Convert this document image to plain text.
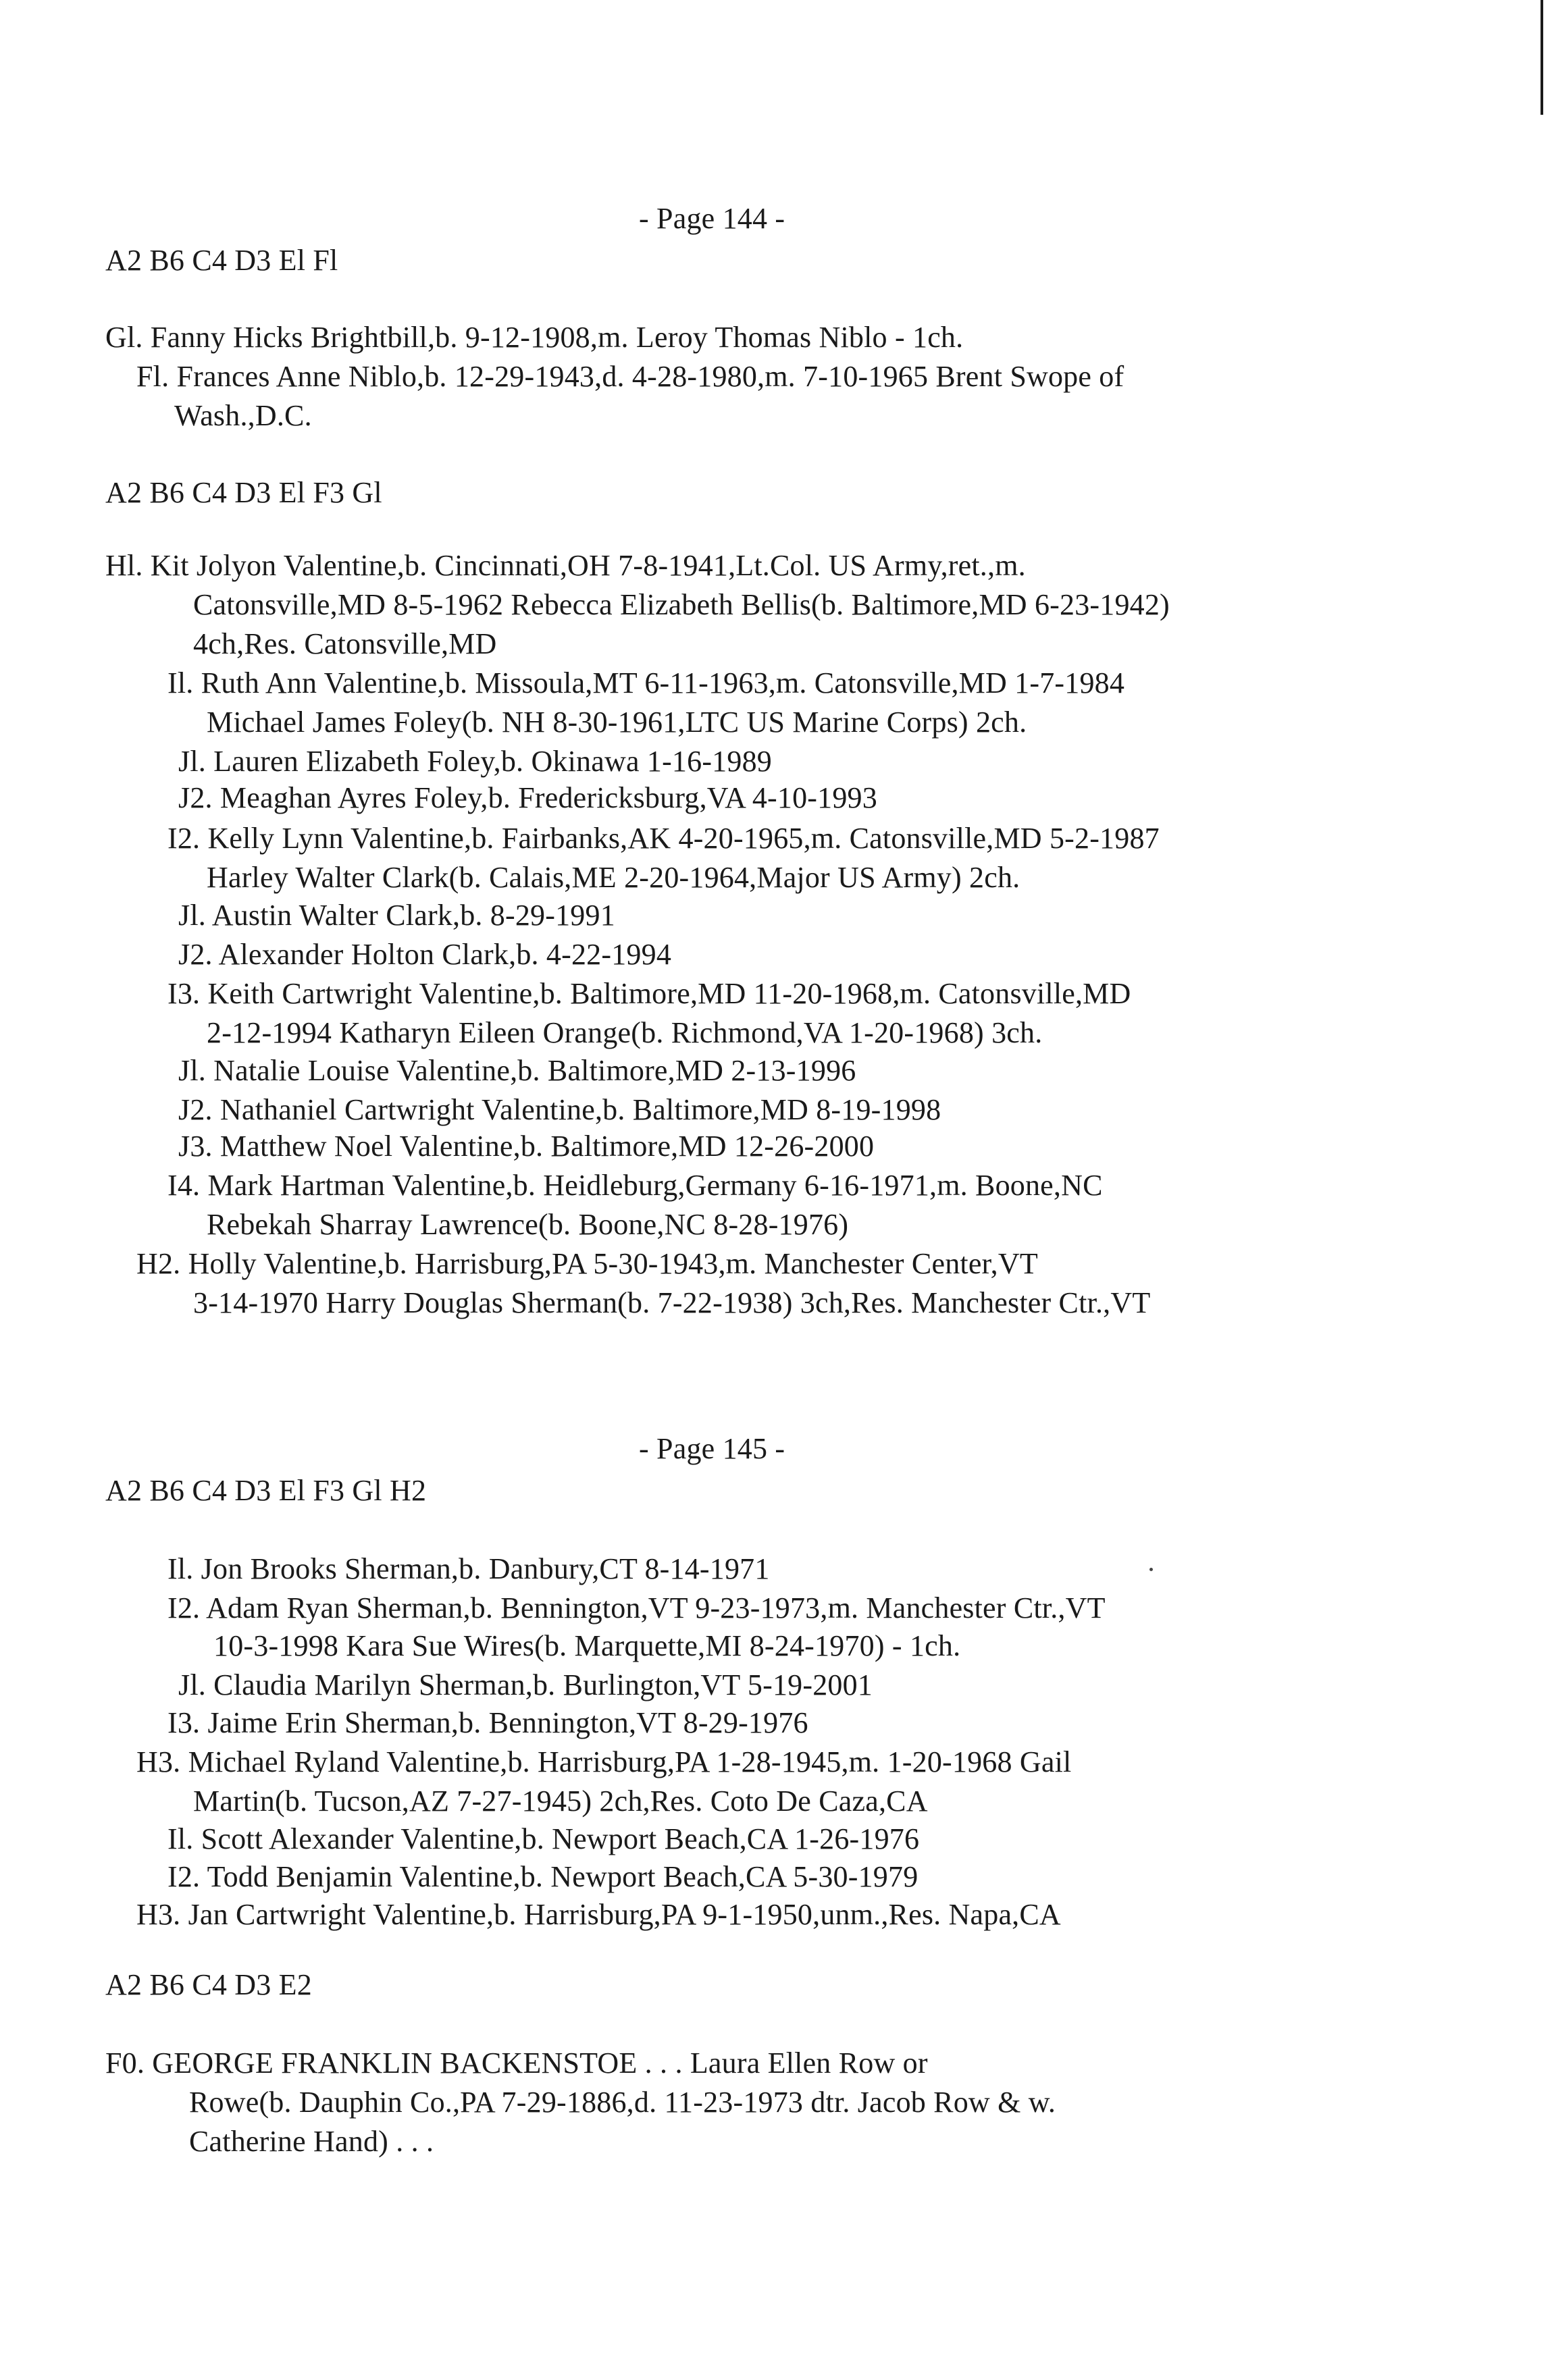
- Page 144 -
A2 B6 C4 D3 El Fl
Gl. Fanny Hicks Brightbill,b. 9-12-1908,m. Leroy Thomas Niblo - 1ch.
Fl. Frances Anne Niblo,b. 12-29-1943,d. 4-28-1980,m. 7-10-1965 Brent Swope of
Wash.,D.C.
A2 B6 C4 D3 El F3 Gl
Hl. Kit Jolyon Valentine,b. Cincinnati,OH 7-8-1941,Lt.Col. US Army,ret.,m.
Catonsville,MD 8-5-1962 Rebecca Elizabeth Bellis(b. Baltimore,MD 6-23-1942)
4ch,Res. Catonsville,MD
Il. Ruth Ann Valentine,b. Missoula,MT 6-11-1963,m. Catonsville,MD 1-7-1984
Michael James Foley(b. NH 8-30-1961,LTC US Marine Corps) 2ch.
Jl. Lauren Elizabeth Foley,b. Okinawa 1-16-1989
J2. Meaghan Ayres Foley,b. Fredericksburg,VA 4-10-1993
I2. Kelly Lynn Valentine,b. Fairbanks,AK 4-20-1965,m. Catonsville,MD 5-2-1987
Harley Walter Clark(b. Calais,ME 2-20-1964,Major US Army) 2ch.
Jl. Austin Walter Clark,b. 8-29-1991
J2. Alexander Holton Clark,b. 4-22-1994
I3. Keith Cartwright Valentine,b. Baltimore,MD 11-20-1968,m. Catonsville,MD
2-12-1994 Katharyn Eileen Orange(b. Richmond,VA 1-20-1968) 3ch.
Jl. Natalie Louise Valentine,b. Baltimore,MD 2-13-1996
J2. Nathaniel Cartwright Valentine,b. Baltimore,MD 8-19-1998
J3. Matthew Noel Valentine,b. Baltimore,MD 12-26-2000
I4. Mark Hartman Valentine,b. Heidleburg,Germany 6-16-1971,m. Boone,NC
Rebekah Sharray Lawrence(b. Boone,NC 8-28-1976)
H2. Holly Valentine,b. Harrisburg,PA 5-30-1943,m. Manchester Center,VT
3-14-1970 Harry Douglas Sherman(b. 7-22-1938) 3ch,Res. Manchester Ctr.,VT
- Page 145 -
A2 B6 C4 D3 El F3 Gl H2
Il. Jon Brooks Sherman,b. Danbury,CT 8-14-1971
I2. Adam Ryan Sherman,b. Bennington,VT 9-23-1973,m. Manchester Ctr.,VT
10-3-1998 Kara Sue Wires(b. Marquette,MI 8-24-1970) - 1ch.
Jl. Claudia Marilyn Sherman,b. Burlington,VT 5-19-2001
I3. Jaime Erin Sherman,b. Bennington,VT 8-29-1976
H3. Michael Ryland Valentine,b. Harrisburg,PA 1-28-1945,m. 1-20-1968 Gail
Martin(b. Tucson,AZ 7-27-1945) 2ch,Res. Coto De Caza,CA
Il. Scott Alexander Valentine,b. Newport Beach,CA 1-26-1976
I2. Todd Benjamin Valentine,b. Newport Beach,CA 5-30-1979
H3. Jan Cartwright Valentine,b. Harrisburg,PA 9-1-1950,unm.,Res. Napa,CA
A2 B6 C4 D3 E2
F0. GEORGE FRANKLIN BACKENSTOE . . . Laura Ellen Row or
Rowe(b. Dauphin Co.,PA 7-29-1886,d. 11-23-1973 dtr. Jacob Row & w.
Catherine Hand) . . .
